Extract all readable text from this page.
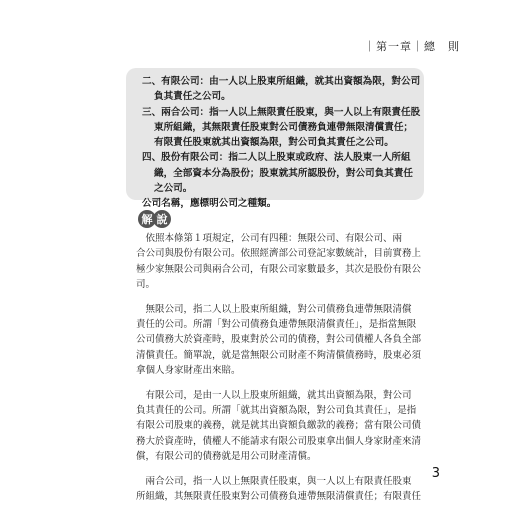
｜第一章｜總　則
二、有限公司：由一人以上股東所組織，就其出資額為限，對公司
負其責任之公司。
三、兩合公司：指一人以上無限責任股東，與一人以上有限責任股
東所組織，其無限責任股東對公司債務負連帶無限清償責任；
有限責任股東就其出資額為限，對公司負其責任之公司。
四、股份有限公司：指二人以上股東或政府、法人股東一人所組
織，全部資本分為股份；股東就其所認股份，對公司負其責任
之公司。
公司名稱，應標明公司之種類。
解 說
　依照本條第１項規定，公司有四種：無限公司、有限公司、兩
合公司與股份有限公司。依照經濟部公司登記家數統計，目前實務上
極少家無限公司與兩合公司，有限公司家數最多，其次是股份有限公
司。
　無限公司，指二人以上股東所組織，對公司債務負連帶無限清償
責任的公司。所謂「對公司債務負連帶無限清償責任」，是指當無限
公司債務大於資產時，股東對於公司的債務，對公司債權人各負全部
清償責任。簡單說，就是當無限公司財產不夠清償債務時，股東必須
拿個人身家財產出來賠。
　有限公司，是由一人以上股東所組織，就其出資額為限，對公司
負其責任的公司。所謂「就其出資額為限，對公司負其責任」，是指
有限公司股東的義務，就是就其出資額負繳款的義務；當有限公司債
務大於資產時，債權人不能請求有限公司股東拿出個人身家財產來清
償，有限公司的債務就是用公司財產清償。
　兩合公司，指一人以上無限責任股東，與一人以上有限責任股東
所組織，其無限責任股東對公司債務負連帶無限清償責任；有限責任
3
